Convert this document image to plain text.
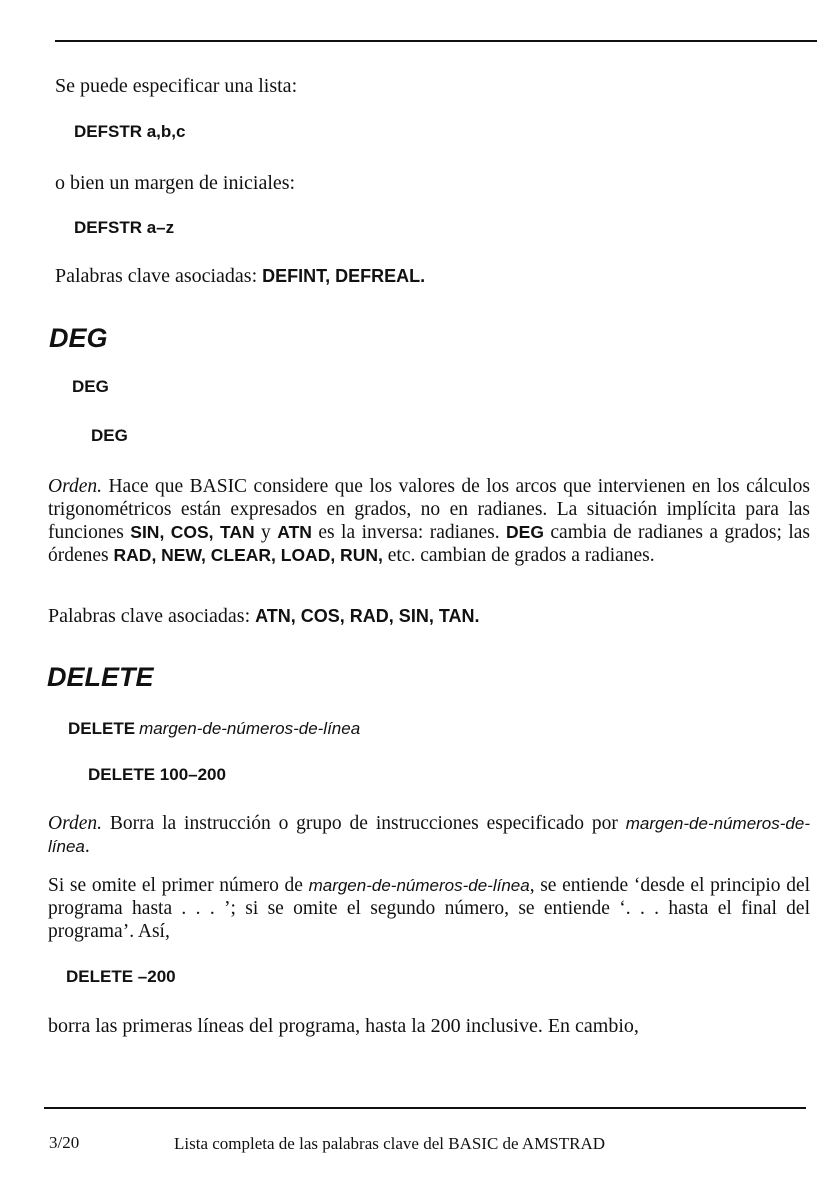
Se puede especificar una lista:
DEFSTR a,b,c
o bien un margen de iniciales:
DEFSTR a–z
Palabras clave asociadas: DEFINT, DEFREAL.
DEG
DEG
DEG
Orden. Hace que BASIC considere que los valores de los arcos que intervienen en los cálculos trigonométricos están expresados en grados, no en radianes. La situación implícita para las funciones SIN, COS, TAN y ATN es la inversa: radianes. DEG cambia de radianes a grados; las órdenes RAD, NEW, CLEAR, LOAD, RUN, etc. cambian de grados a radianes.
Palabras clave asociadas: ATN, COS, RAD, SIN, TAN.
DELETE
DELETE margen-de-números-de-línea
DELETE 100–200
Orden. Borra la instrucción o grupo de instrucciones especificado por margen-de-números-de-línea.
Si se omite el primer número de margen-de-números-de-línea, se entiende ‘desde el principio del programa hasta . . . ’; si se omite el segundo número, se entiende ‘. . . hasta el final del programa’. Así,
DELETE –200
borra las primeras líneas del programa, hasta la 200 inclusive. En cambio,
3/20	Lista completa de las palabras clave del BASIC de AMSTRAD
